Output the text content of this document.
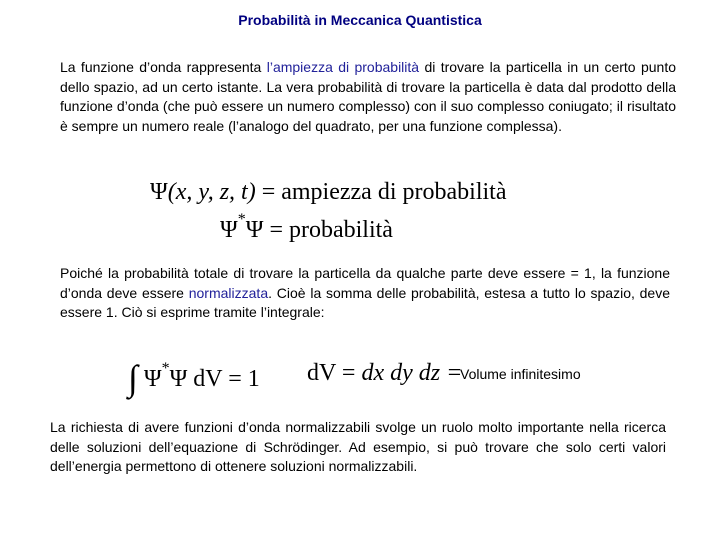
Probabilità in Meccanica Quantistica

La funzione d’onda rappresenta l’ampiezza di probabilità di trovare la particella in un certo punto dello spazio, ad un certo istante. La vera probabilità di trovare la particella è data dal prodotto della funzione d’onda (che può essere un numero complesso) con il suo complesso coniugato; il risultato è sempre un numero reale (l’analogo del quadrato, per una funzione complessa).

Ψ(x, y, z, t) = ampiezza di probabilità
Ψ*Ψ = probabilità

Poiché la probabilità totale di trovare la particella da qualche parte deve essere = 1, la funzione d’onda deve essere normalizzata. Cioè la somma delle probabilità, estesa a tutto lo spazio, deve essere 1. Ciò si esprime tramite l’integrale:

∫ Ψ*Ψ dV = 1 dV = dx dy dz =
Volume infinitesimo

La richiesta di avere funzioni d’onda normalizzabili svolge un ruolo molto importante nella ricerca delle soluzioni dell’equazione di Schrödinger. Ad esempio, si può trovare che solo certi valori dell’energia permettono di ottenere soluzioni normalizzabili.
